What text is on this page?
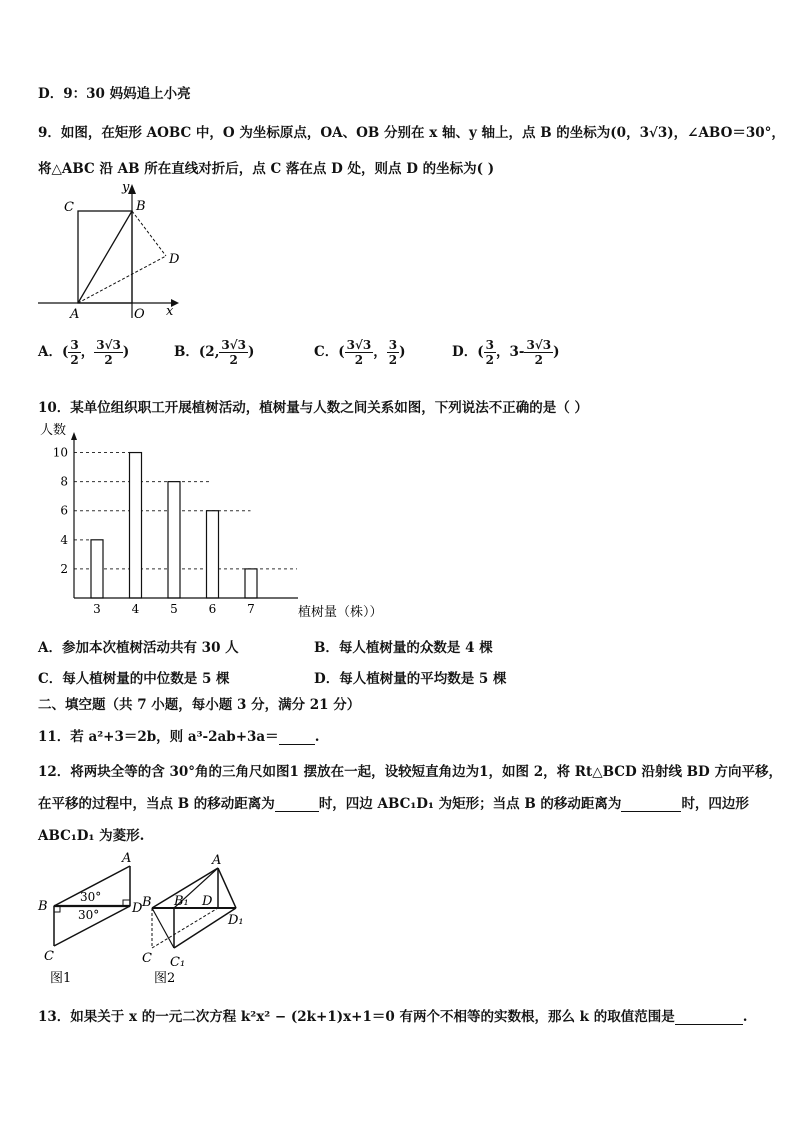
D．9：30 妈妈追上小亮
9．如图，在矩形 AOBC 中，O 为坐标原点，OA、OB 分别在 x 轴、y 轴上，点 B 的坐标为(0，3√3)，∠ABO＝30°，
将△ABC 沿 AB 所在直线对折后，点 C 落在点 D 处，则点 D 的坐标为( )
C	B
y
D
A	O x
A．( $\frac{3}{2}$ ， $\frac{3√3}{2}$ )	B．(2, $\frac{3√3}{2}$ )	C．( $\frac{3√3}{2}$ ， $\frac{3}{2}$ )	D．( $\frac{3}{2}$ ，$3- \frac{3√3}{2}$ )
10．某单位组织职工开展植树活动，植树量与人数之间关系如图，下列说法不正确的是（ ）
3	4	5	6	7
2
4
6
8
10
人数
植树量（株））
A．参加本次植树活动共有 30 人	B．每人植树量的众数是 4 棵
C．每人植树量的中位数是 5 棵	D．每人植树量的平均数是 5 棵
二、填空题（共 7 小题，每小题 3 分，满分 21 分）
11．若 a²+3＝2b，则 a³-2ab+3a＝	.
12．将两块全等的含 30°角的三角尺如图1 摆放在一起，设较短直角边为1，如图 2，将 Rt△BCD 沿射线 BD 方向平移，
在平移的过程中，当点 B 的移动距离为	时，四边 ABC₁D₁ 为矩形；当点 B 的移动距离为	时，四边形
ABC₁D₁ 为菱形.
A
B	D
C
30°
30°
图1
A
B B₁ D
D₁
C C₁
图2
13．如果关于 x 的一元二次方程 k²x² − (2k+1)x+1＝0 有两个不相等的实数根，那么 k 的取值范围是	.
